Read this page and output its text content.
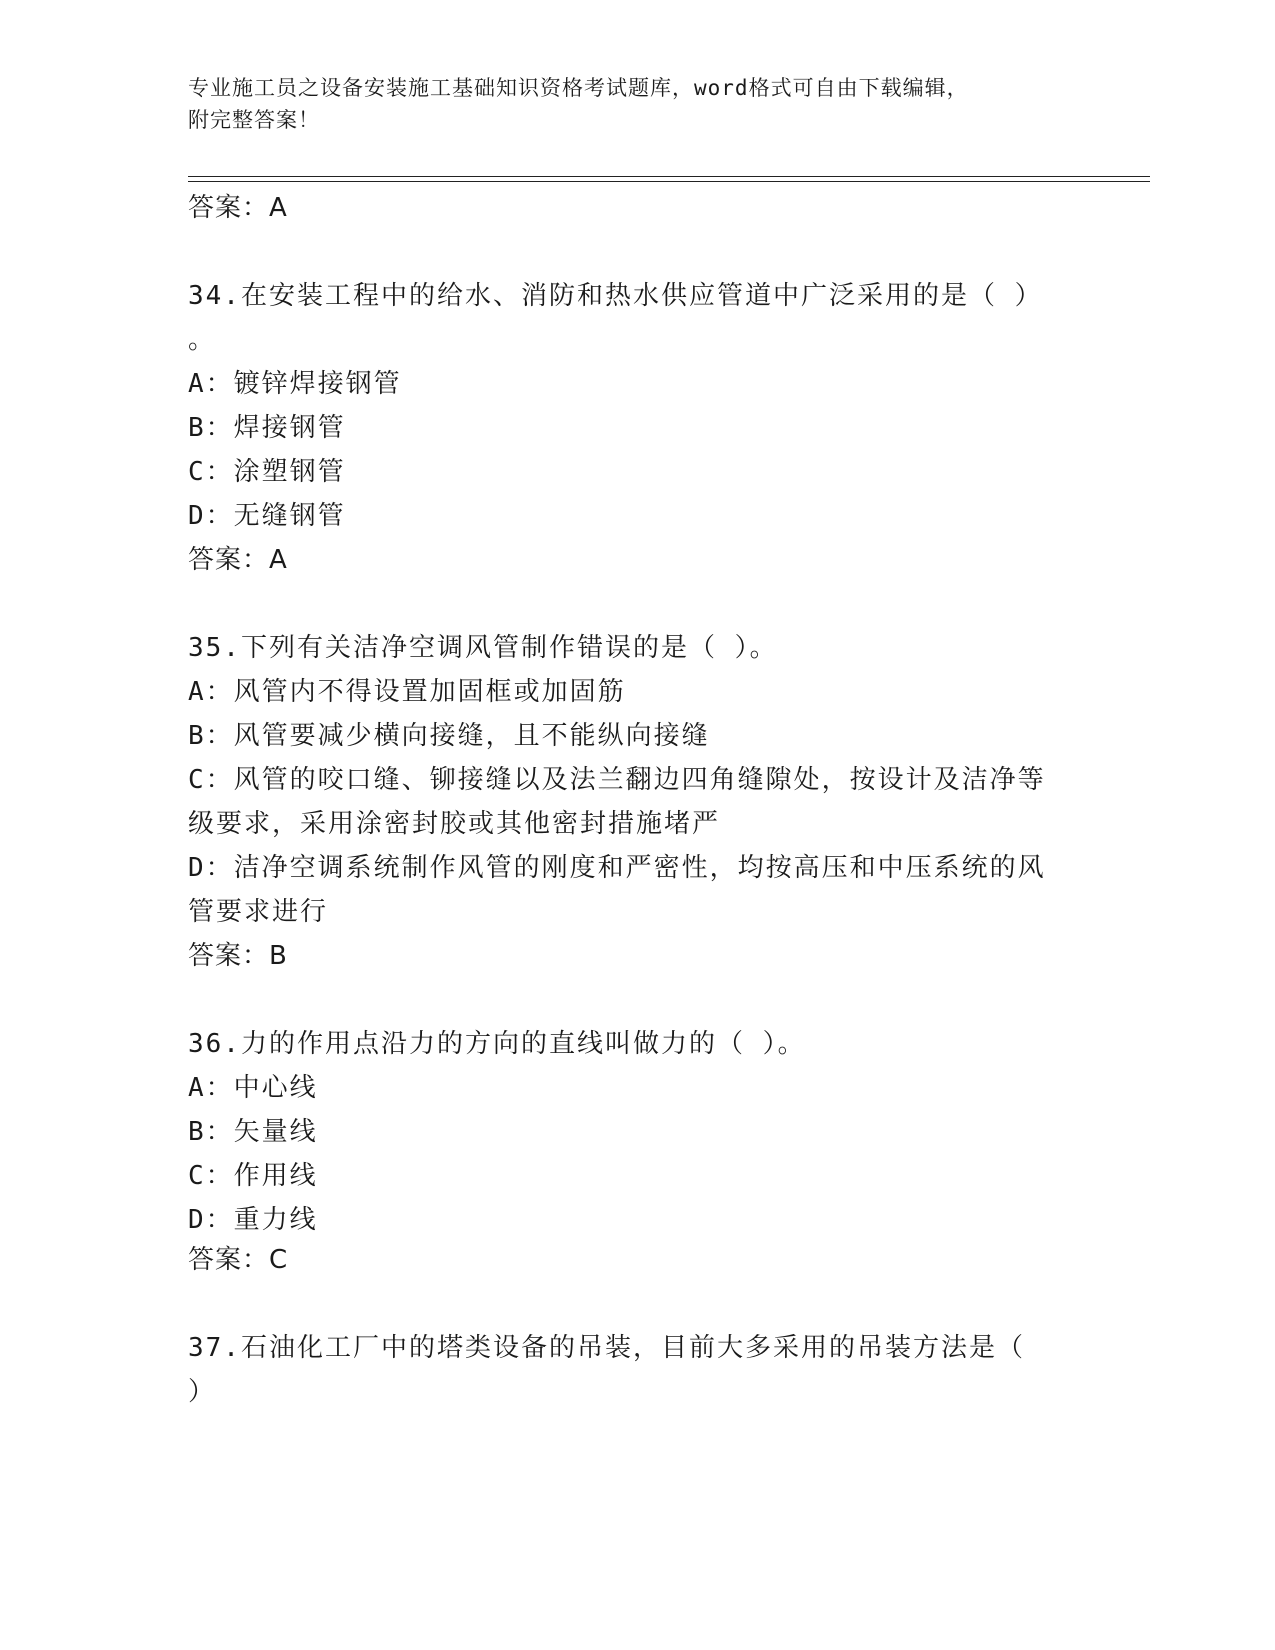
专业施工员之设备安装施工基础知识资格考试题库，word格式可自由下载编辑，
附完整答案！
答案：A
34.在安装工程中的给水、消防和热水供应管道中广泛采用的是（ ）
。
A：镀锌焊接钢管
B：焊接钢管
C：涂塑钢管
D：无缝钢管
答案：A
35.下列有关洁净空调风管制作错误的是（ ）。
A：风管内不得设置加固框或加固筋
B：风管要减少横向接缝，且不能纵向接缝
C：风管的咬口缝、铆接缝以及法兰翻边四角缝隙处，按设计及洁净等
级要求，采用涂密封胶或其他密封措施堵严
D：洁净空调系统制作风管的刚度和严密性，均按高压和中压系统的风
管要求进行
答案：B
36.力的作用点沿力的方向的直线叫做力的（ ）。
A：中心线
B：矢量线
C：作用线
D：重力线
答案：C
37.石油化工厂中的塔类设备的吊装，目前大多采用的吊装方法是（
）
